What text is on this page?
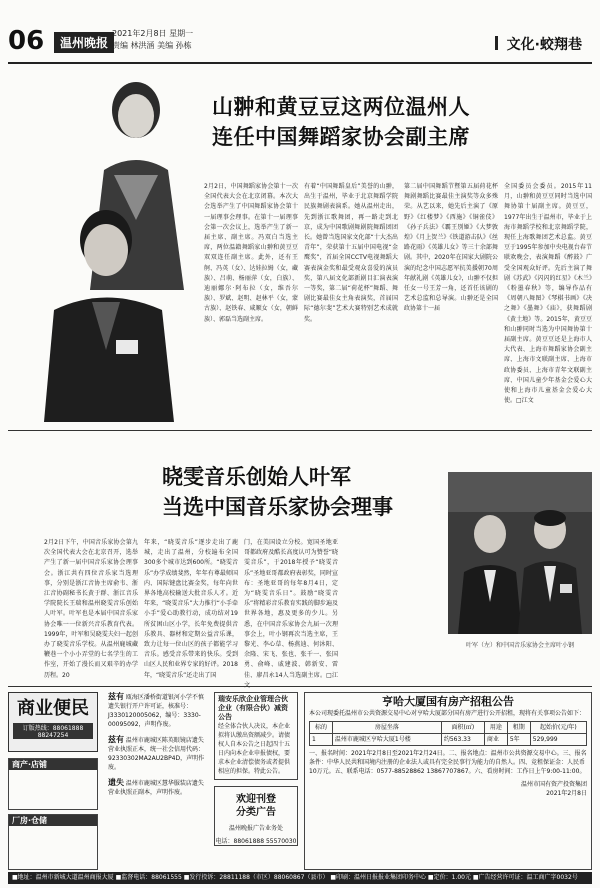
06	温州晚报
2021年2月8日 星期一
责编 林洪涵 美编 孙栋	文化·蛟翔巷
山翀和黄豆豆这两位温州人
连任中国舞蹈家协会副主席
2月2日，中国舞蹈家协会第十一次全国代表大会在北京闭幕。本次大会选举产生了中国舞蹈家协会第十一届理事会理事。在第十一届理事会第一次会议上，选举产生了新一届主席、副主席。冯双白当选主席，两位温籍舞蹈家山翀和黄豆豆双双连任副主席。此外，还有王舸、冯英（女）、达娃拉姆（女，藏族）、吕萌、杨丽萍（女，白族）、迪丽娜尔·阿布拉（女，维吾尔族）、罗斌、赵明、赵林平（女，蒙古族）、赵铁春、咸顺女（女，朝鲜族）、郭磊当选副主席。
有着“中国舞蹈皇后”美誉的山翀，出生于温州，毕业于北京舞蹈学院民族舞剧表演系。她从温州走出，先到浙江歌舞团，再一路走到北京，成为中国歌剧舞剧院舞蹈团团长。她曾当选国家文化部“十大杰出青年”，荣获第十五届中国电视“金鹰奖”，首届全国CCTV电视舞蹈大赛表演金奖和最受观众喜爱的演员奖，第八届文化部新剧目汇演表演一等奖，第二届“荷花杯”舞蹈、舞剧比赛最佳女主角表演奖，首届国际“德尔斐”艺术大赛特别艺术成就奖。
第二届中国舞蹈节暨第五届荷花杯舞剧舞蹈比赛最佳主演奖等众多殊荣。从艺以来，她先后主演了《原野》《红楼梦》《西施》《铜雀伎》《孙子兵法》《霸王别姬》《大梦敦煌》《月上贺兰》《铁道游击队》《丝路花雨》《英雄儿女》等三十余部舞剧。其中，2020年在国家大剧院公演的纪念中国志愿军抗美援朝70周年献礼剧《英雄儿女》，山翀不仅担任女一号王芳一角，还首任该剧的艺术总监和总导演。山翀还是全国政协第十一届
全国委员会委员。2015年11月，山翀和黄豆豆同时当选中国舞协第十届副主席。黄豆豆，1977年出生于温州市，毕业于上海市舞蹈学校和北京舞蹈学院，现任上海歌舞团艺术总监。黄豆豆于1995年参加中央电视台春节联欢晚会，表演舞蹈《醉鼓》广受全国观众好评。先后主演了舞剧《苏武》《闪闪的红星》《木兰》《粉墨春秋》等，编导作品有《周朝八舞图》《琴棋书画》《决之舞》《墨舞》《庙》，获舞蹈剧《黄土地》等。2015年，黄豆豆和山翀同时当选为中国舞协第十届副主席。黄豆豆还是上海市人大代表、上海市舞蹈家协会副主席、上海市文联副主席、上海市政协委员、上海市青年文联副主席、中国儿童少年基金会爱心大使和上海市儿童基金会爱心大使。□江文
晓雯音乐创始人叶军
当选中国音乐家协会理事
2月2日下午，中国音乐家协会第九次全国代表大会在北京召开，选举产生了新一届中国音乐家协会理事会。浙江共有四位音乐家当选理事，分别是浙江音协主席俞韦、浙江音协副秘书长黄于群、浙江音乐学院院长王瑞和温州晓雯音乐创始人叶军。叶军也是本届中国音乐家协会唯一一位新兴音乐教育代表。1999年，叶军和吴晓雯夫妇一起创办了晓雯音乐学校。从温州鹿城藏鞭巷一个小小弄堂的七名学生的工作室，开始了漫长而又艰辛的办学历程。20
年来，“晓雯音乐”逐步走出了鹿城，走出了温州，分校遍布全国300多个城市达到600所。“晓雯音乐”办学成绩斐然，年年有尊最师国内、国际键盘比赛金奖，每年向世界各地高校输送大批音乐人才。近年来，“晓雯音乐”大力推行“小手牵小手”爱心助教行动，成功结对19所贫困山区小学，长年免费提供音乐教具、器材和定期公益音乐课，致力让每一位山区的孩子都能学习音乐。感受音乐带来的快乐。受到山区人民和业界专家的好评。2018年，“晓雯音乐”还走出了国
门，在美国设立分校。宽国圣地亚哥都政府及酷长高度认可为赞誉“晓雯音乐”，于2018年授予“晓雯音乐”圣地亚哥都政府表彰奖，同时宣布：圣地亚哥的每年8月4日，定为“晓雯音乐日”。鼓励“晓雯音乐”将精彩音乐教育实践的脚步遍及世界各地，惠及更多的少儿。另悉，在中国音乐家协会九届一次理事会上，叶小钢再次当选主席，王黎光、李心草、杨燕迪、何沐阳、余隆、宋飞、张也、张千一、张国勇、俞峰、戚建波、韩新安、雷佳、廖昌永14人当选副主席。□江
叶军（左）和中国音乐家协会主席叶小钢
商业便民
订版热线：88061888 88247254
商产·店铺
厂房·仓储
兹有 瓯海区潘桥街道银河小学不慎遗失银行开户许可证，核准号：J3330120005062，编号：3330-00095092，声明作废。
兹有 温州市鹿城区陈英眼镜店遗失营业执照正本，统一社会信用代码：92330302MA2AU2BP4D，声明作废。
遗失 温州市鹿城区慧华服装店遗失营业执照正副本，声明作废。
瑞安乐欣企业管理合伙企业（有限合伙）减资公告
经全体合伙人决议，本企业拟将认缴出资额减少。请债权人自本公告之日起四十五日内向本企业申报债权，要求本企业清偿债务或者提供相应的担保。特此公告。
欢迎刊登
分类广告
温州晚报广告业务处
电话：88061888 55570030
亨哈大厦国有房产招租公告
本公司现委托温州市公共资源交易中心对亨哈大厦部分国有房产进行公开招租，现将有关事项公告如下：
标的	房屋坐落	面积(㎡)	用途	租期	起始价(元/年)
1	温州市鹿城区亨哈大厦1号楼	约563.33	商业	5年	529,999
一、报名时间：2021年2月8日至2021年2月24日。二、报名地点：温州市公共资源交易中心。三、报名条件：中华人民共和国境内注册的企业法人或具有完全民事行为能力的自然人。四、竞租保证金：人民币10万元。五、联系电话：0577-88528862 13867707867。六、看房时间：工作日上午9:00-11:00。
温州市国有资产投资集团
2021年2月8日
■地址：温州市新城大道温州商报大厦 ■监督电话：88061555 ■发行投诉：28811188（市区）88060867（县市） ■印刷：温州日报报业集团印务中心 ■定价：1.00元 ■广告经营许可证：温工商广字0032号
